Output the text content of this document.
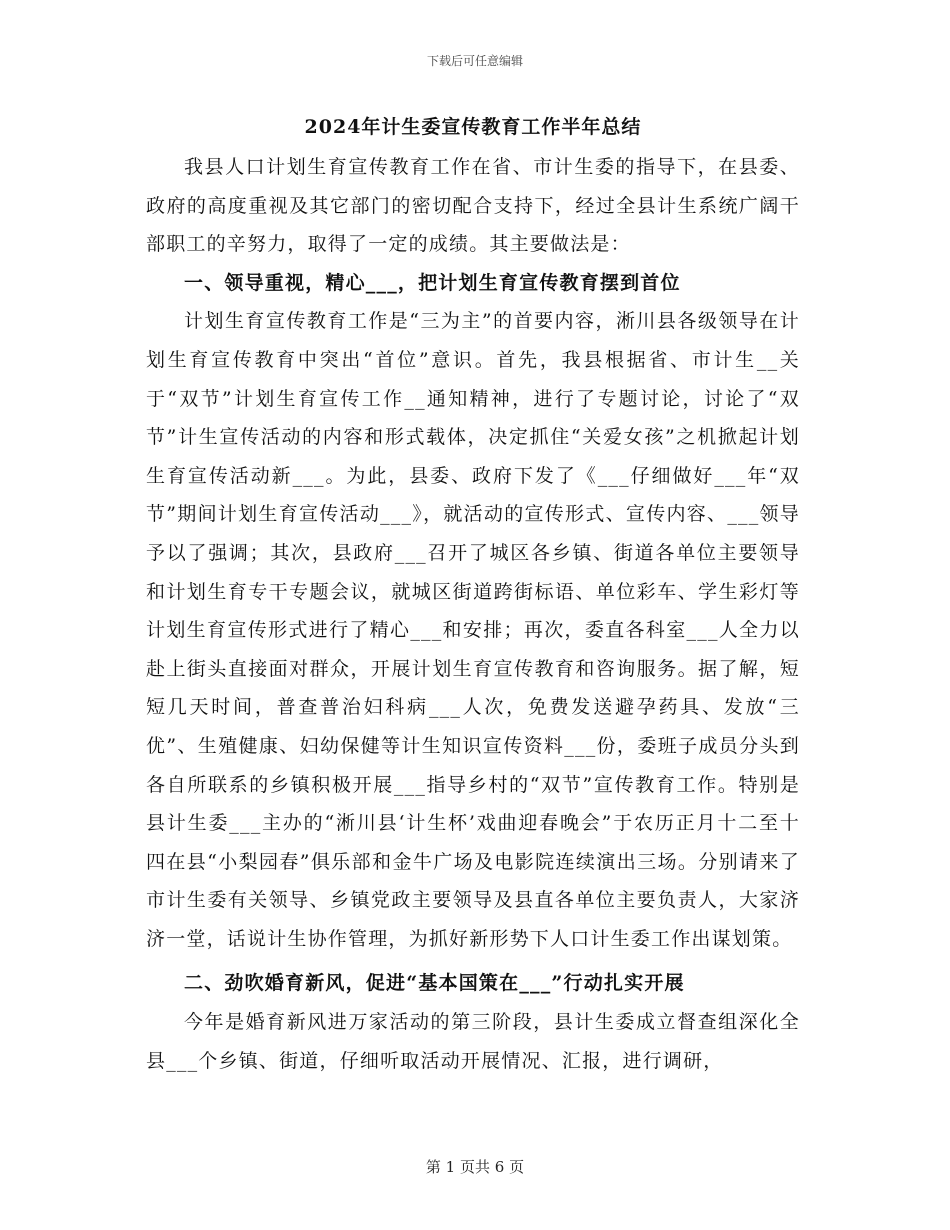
下载后可任意编辑
2024年计生委宣传教育工作半年总结

我县人口计划生育宣传教育工作在省、市计生委的指导下，在县委、政府的高度重视及其它部门的密切配合支持下，经过全县计生系统广阔干部职工的辛努力，取得了一定的成绩。其主要做法是：

一、领导重视，精心___，把计划生育宣传教育摆到首位

计划生育宣传教育工作是“三为主”的首要内容，淅川县各级领导在计划生育宣传教育中突出“首位”意识。首先，我县根据省、市计生__关于“双节”计划生育宣传工作__通知精神，进行了专题讨论，讨论了“双节”计生宣传活动的内容和形式载体，决定抓住“关爱女孩”之机掀起计划生育宣传活动新___。为此，县委、政府下发了《___仔细做好___年“双节”期间计划生育宣传活动___》，就活动的宣传形式、宣传内容、___领导予以了强调；其次，县政府___召开了城区各乡镇、街道各单位主要领导和计划生育专干专题会议，就城区街道跨街标语、单位彩车、学生彩灯等计划生育宣传形式进行了精心___和安排；再次，委直各科室___人全力以赴上街头直接面对群众，开展计划生育宣传教育和咨询服务。据了解，短短几天时间，普查普治妇科病___人次，免费发送避孕药具、发放“三优”、生殖健康、妇幼保健等计生知识宣传资料___份，委班子成员分头到各自所联系的乡镇积极开展___指导乡村的“双节”宣传教育工作。特别是县计生委___主办的“淅川县‘计生杯’戏曲迎春晚会”于农历正月十二至十四在县“小梨园春”俱乐部和金牛广场及电影院连续演出三场。分别请来了市计生委有关领导、乡镇党政主要领导及县直各单位主要负责人，大家济济一堂，话说计生协作管理，为抓好新形势下人口计生委工作出谋划策。

二、劲吹婚育新风，促进“基本国策在___”行动扎实开展

今年是婚育新风进万家活动的第三阶段，县计生委成立督查组深化全县___个乡镇、街道，仔细听取活动开展情况、汇报，进行调研，

第 1 页共 6 页
